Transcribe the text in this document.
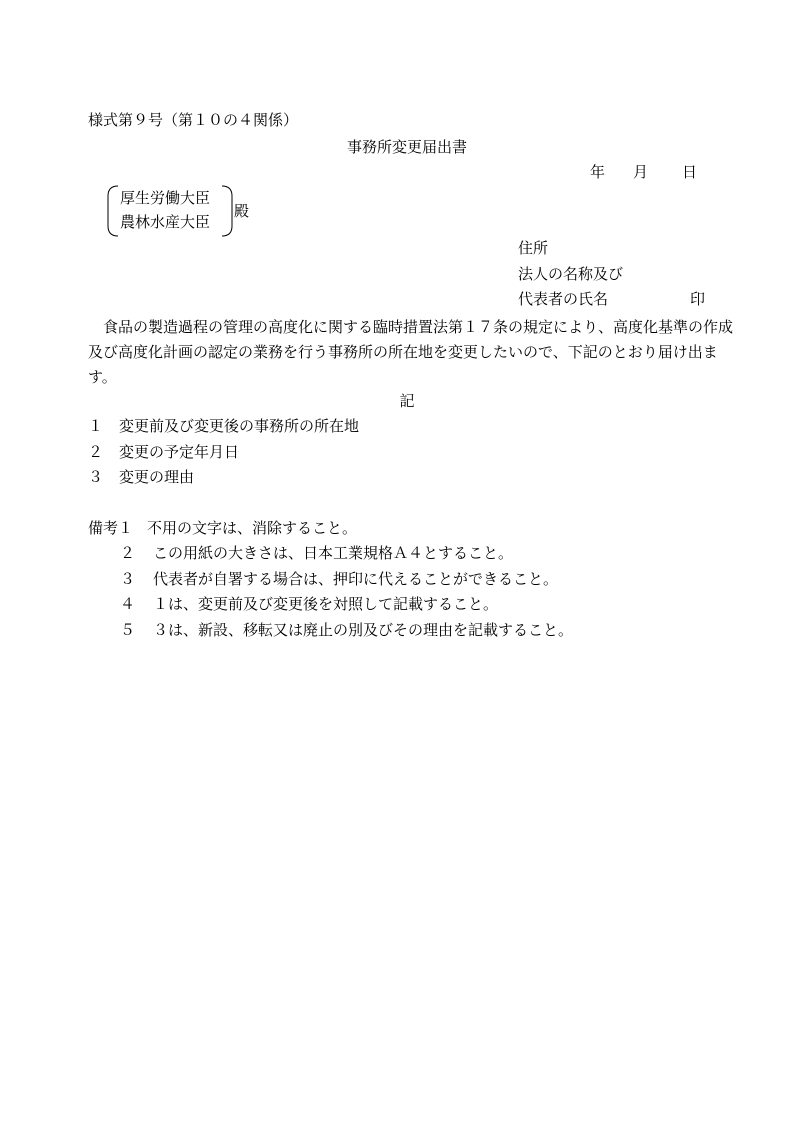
様式第９号（第１０の４関係）
事務所変更届出書
年 月 日
厚生労働大臣
農林水産大臣
殿
住所
法人の名称及び
代表者の氏名	印
食品の製造過程の管理の高度化に関する臨時措置法第１７条の規定により、高度化基準の作成及び高度化計画の認定の業務を行う事務所の所在地を変更したいので、下記のとおり届け出ます。
記
１ 変更前及び変更後の事務所の所在地
２ 変更の予定年月日
３ 変更の理由
備考１ 不用の文字は、消除すること。
２ この用紙の大きさは、日本工業規格Ａ４とすること。
３ 代表者が自署する場合は、押印に代えることができること。
４ １は、変更前及び変更後を対照して記載すること。
５ ３は、新設、移転又は廃止の別及びその理由を記載すること。
